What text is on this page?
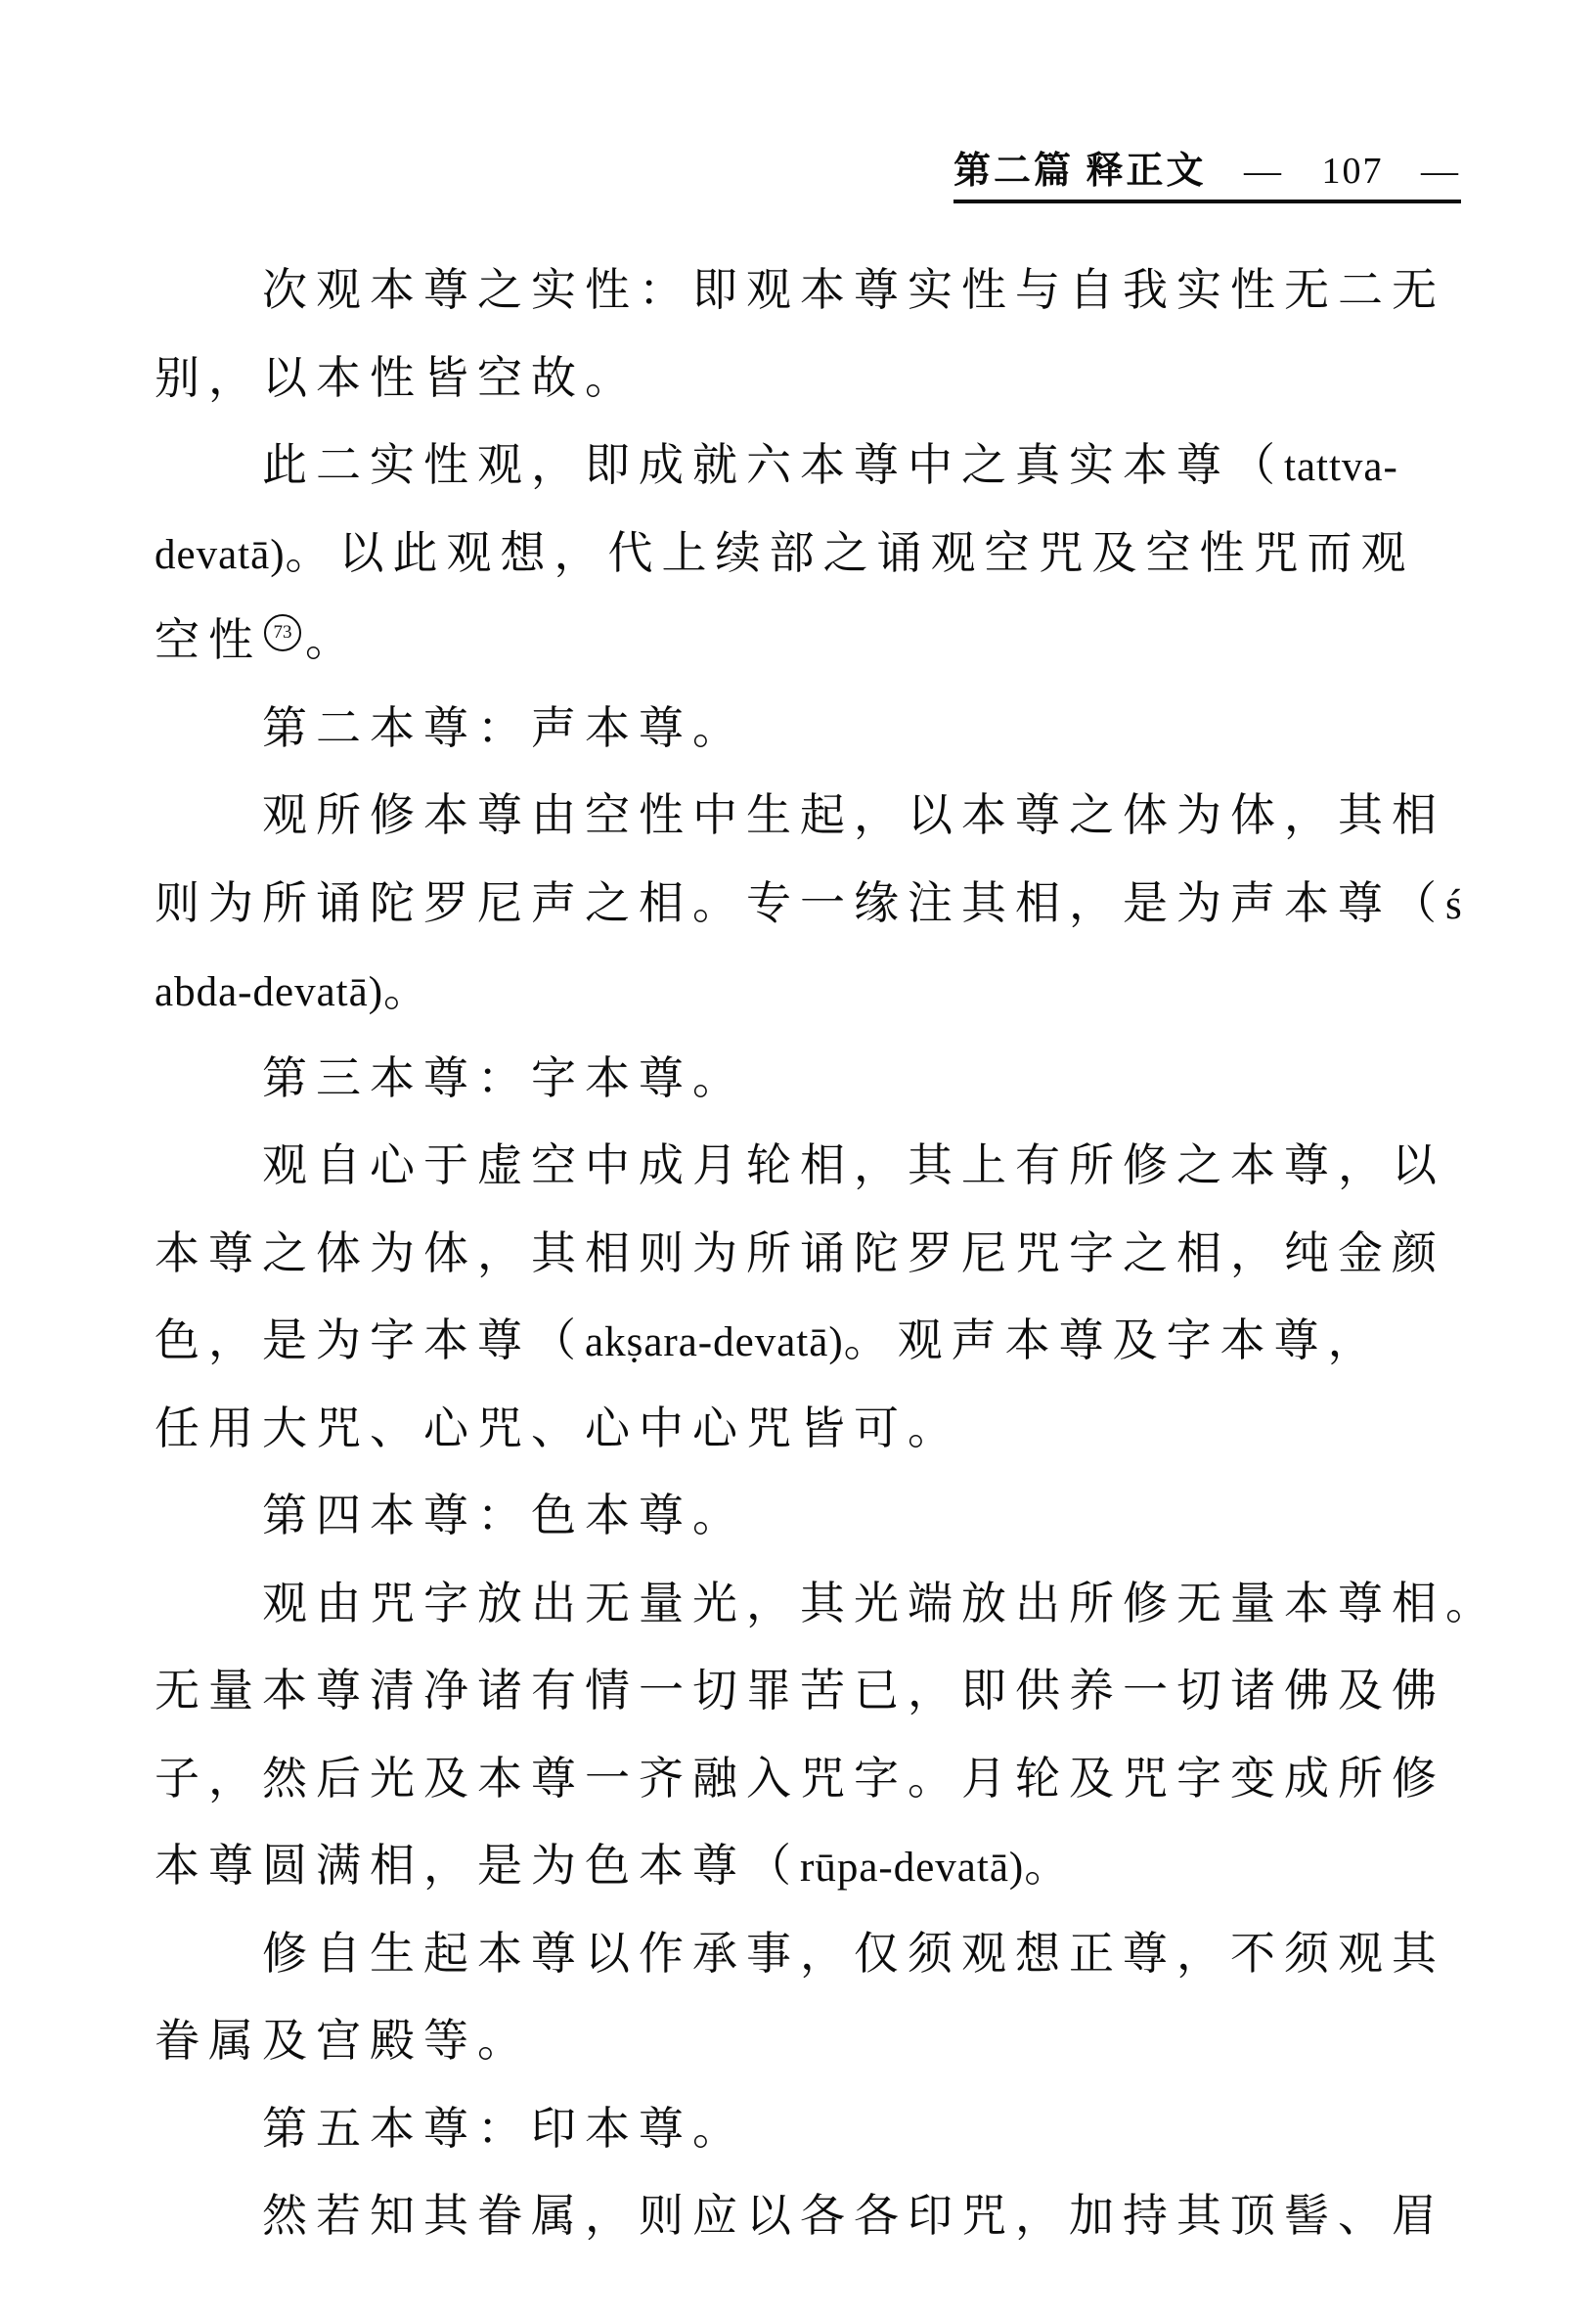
第二篇 释正文 — 107 —
次观本尊之实性：即观本尊实性与自我实性无二无
别，以本性皆空故。
此二实性观，即成就六本尊中之真实本尊（tattva-
devatā)。以此观想，代上续部之诵观空咒及空性咒而观
空性 73 。
第二本尊：声本尊。
观所修本尊由空性中生起，以本尊之体为体，其相
则为所诵陀罗尼声之相。专一缘注其相，是为声本尊（ś
abda-devatā)。
第三本尊：字本尊。
观自心于虚空中成月轮相，其上有所修之本尊，以
本尊之体为体，其相则为所诵陀罗尼咒字之相，纯金颜
色，是为字本尊（akṣara-devatā)。观声本尊及字本尊，
任用大咒、心咒、心中心咒皆可。
第四本尊：色本尊。
观由咒字放出无量光，其光端放出所修无量本尊相。
无量本尊清净诸有情一切罪苦已，即供养一切诸佛及佛
子，然后光及本尊一齐融入咒字。月轮及咒字变成所修
本尊圆满相，是为色本尊（rūpa-devatā)。
修自生起本尊以作承事，仅须观想正尊，不须观其
眷属及宫殿等。
第五本尊：印本尊。
然若知其眷属，则应以各各印咒，加持其顶髻、眉
